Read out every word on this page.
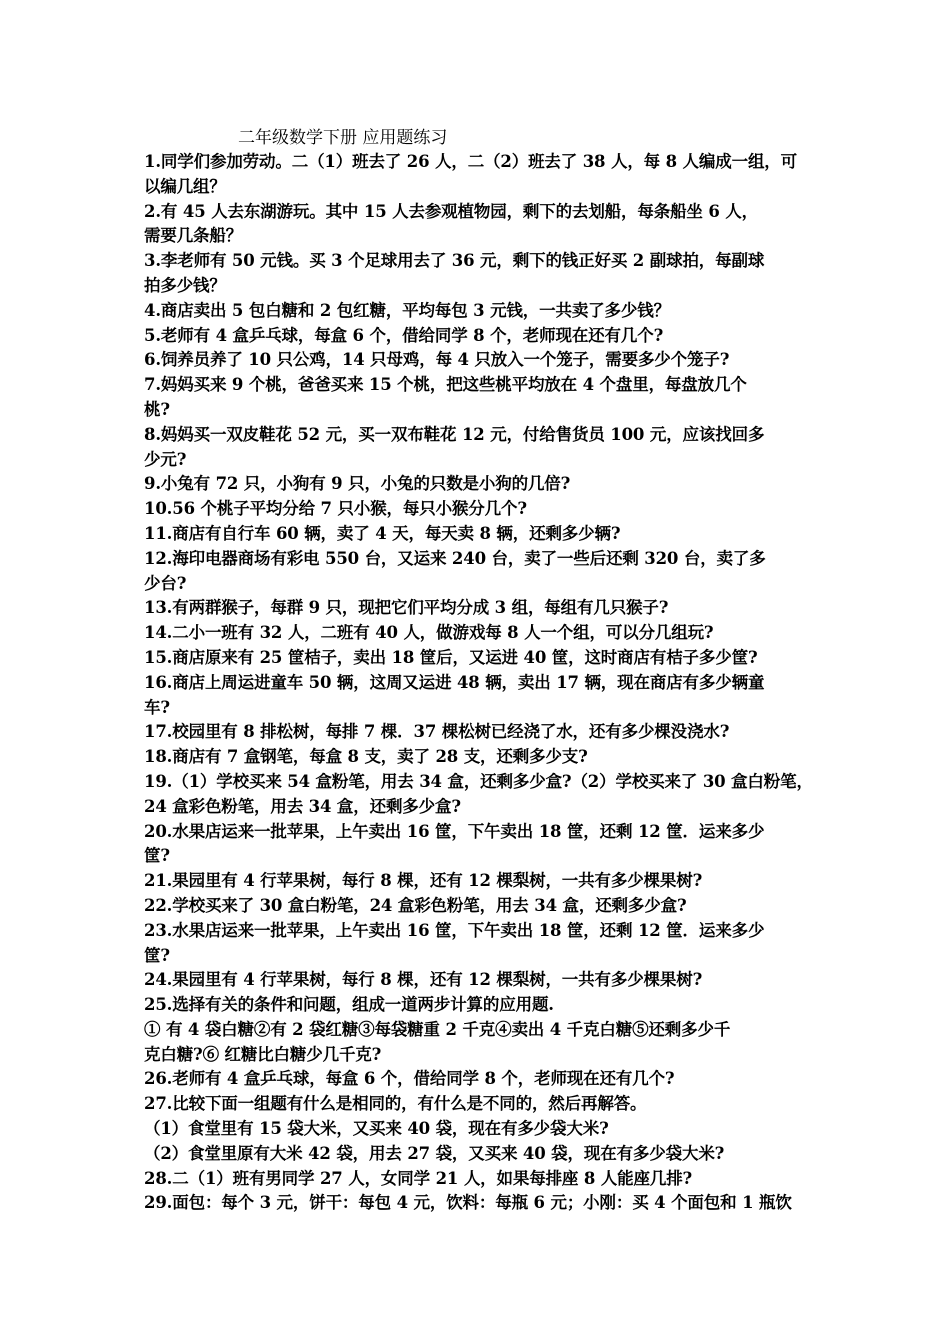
二年级数学下册 应用题练习
1.同学们参加劳动。二（1）班去了 26 人，二（2）班去了 38 人，每 8 人编成一组，可
以编几组？
2.有 45 人去东湖游玩。其中 15 人去参观植物园，剩下的去划船，每条船坐 6 人，
需要几条船？
3.李老师有 50 元钱。买 3 个足球用去了 36 元，剩下的钱正好买 2 副球拍，每副球
拍多少钱？
4.商店卖出 5 包白糖和 2 包红糖，平均每包 3 元钱，一共卖了多少钱？
5.老师有 4 盒乒乓球，每盒 6 个，借给同学 8 个，老师现在还有几个?
6.饲养员养了 10 只公鸡，14 只母鸡，每 4 只放入一个笼子，需要多少个笼子?
7.妈妈买来 9 个桃，爸爸买来 15 个桃，把这些桃平均放在 4 个盘里，每盘放几个
桃?
8.妈妈买一双皮鞋花 52 元，买一双布鞋花 12 元，付给售货员 100 元，应该找回多
少元?
9.小兔有 72 只，小狗有 9 只，小兔的只数是小狗的几倍?
10.56 个桃子平均分给 7 只小猴，每只小猴分几个?
11.商店有自行车 60 辆，卖了 4 天，每天卖 8 辆，还剩多少辆?
12.海印电器商场有彩电 550 台，又运来 240 台，卖了一些后还剩 320 台，卖了多
少台?
13.有两群猴子，每群 9 只，现把它们平均分成 3 组，每组有几只猴子?
14.二小一班有 32 人，二班有 40 人，做游戏每 8 人一个组，可以分几组玩?
15.商店原来有 25 筐桔子，卖出 18 筐后，又运进 40 筐，这时商店有桔子多少筐?
16.商店上周运进童车 50 辆，这周又运进 48 辆，卖出 17 辆，现在商店有多少辆童
车?
17.校园里有 8 排松树，每排 7 棵．37 棵松树已经浇了水，还有多少棵没浇水?
18.商店有 7 盒钢笔，每盒 8 支，卖了 28 支，还剩多少支?
19.（1）学校买来 54 盒粉笔，用去 34 盒，还剩多少盒?（2）学校买来了 30 盒白粉笔，
24 盒彩色粉笔，用去 34 盒，还剩多少盒?
20.水果店运来一批苹果，上午卖出 16 筐，下午卖出 18 筐，还剩 12 筐．运来多少
筐?
21.果园里有 4 行苹果树，每行 8 棵，还有 12 棵梨树，一共有多少棵果树?
22.学校买来了 30 盒白粉笔，24 盒彩色粉笔，用去 34 盒，还剩多少盒?
23.水果店运来一批苹果，上午卖出 16 筐，下午卖出 18 筐，还剩 12 筐．运来多少
筐?
24.果园里有 4 行苹果树，每行 8 棵，还有 12 棵梨树，一共有多少棵果树?
25.选择有关的条件和问题，组成一道两步计算的应用题.
① 有 4 袋白糖②有 2 袋红糖③每袋糖重 2 千克④卖出 4 千克白糖⑤还剩多少千
克白糖?⑥ 红糖比白糖少几千克?
26.老师有 4 盒乒乓球，每盒 6 个，借给同学 8 个，老师现在还有几个?
27.比较下面一组题有什么是相同的，有什么是不同的，然后再解答。
（1）食堂里有 15 袋大米，又买来 40 袋，现在有多少袋大米?
（2）食堂里原有大米 42 袋，用去 27 袋，又买来 40 袋，现在有多少袋大米?
28.二（1）班有男同学 27 人，女同学 21 人，如果每排座 8 人能座几排?
29.面包：每个 3 元，饼干：每包 4 元，饮料：每瓶 6 元；小刚：买 4 个面包和 1 瓶饮
